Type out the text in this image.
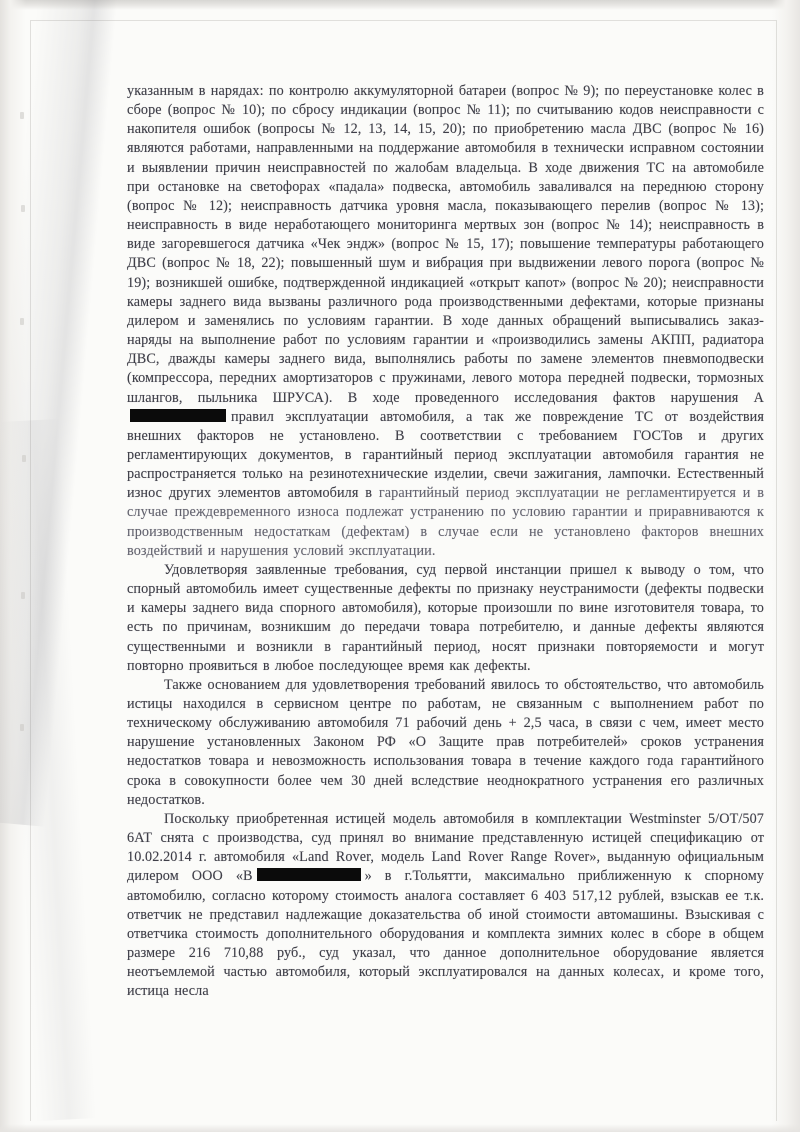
указанным в нарядах: по контролю аккумуляторной батареи (вопрос № 9); по переустановке колес в сборе (вопрос № 10); по сбросу индикации (вопрос № 11); по считыванию кодов неисправности с накопителя ошибок (вопросы № 12, 13, 14, 15, 20); по приобретению масла ДВС (вопрос № 16) являются работами, направленными на поддержание автомобиля в технически исправном состоянии и выявлении причин неисправностей по жалобам владельца. В ходе движения ТС на автомобиле при остановке на светофорах «падала» подвеска, автомобиль заваливался на переднюю сторону (вопрос № 12); неисправность датчика уровня масла, показывающего перелив (вопрос № 13); неисправность в виде неработающего мониторинга мертвых зон (вопрос № 14); неисправность в виде загоревшегося датчика «Чек эндж» (вопрос № 15, 17); повышение температуры работающего ДВС (вопрос № 18, 22); повышенный шум и вибрация при выдвижении левого порога (вопрос № 19); возникшей ошибке, подтвержденной индикацией «открыт капот» (вопрос № 20); неисправности камеры заднего вида вызваны различного рода производственными дефектами, которые признаны дилером и заменялись по условиям гарантии. В ходе данных обращений выписывались заказ-наряды на выполнение работ по условиям гарантии и «производились замены АКПП, радиатора ДВС, дважды камеры заднего вида, выполнялись работы по замене элементов пневмоподвески (компрессора, передних амортизаторов с пружинами, левого мотора передней подвески, тормозных шлангов, пыльника ШРУСА). В ходе проведенного исследования фактов нарушения Аправил эксплуатации автомобиля, а так же повреждение ТС от воздействия внешних факторов не установлено. В соответствии с требованием ГОСТов и других регламентирующих документов, в гарантийный период эксплуатации автомобиля гарантия не распространяется только на резинотехнические изделии, свечи зажигания, лампочки. Естественный износ других элементов автомобиля в гарантийный период эксплуатации не регламентируется и в случае преждевременного износа подлежат устранению по условию гарантии и приравниваются к производственным недостаткам (дефектам) в случае если не установлено факторов внешних воздействий и нарушения условий эксплуатации.

Удовлетворяя заявленные требования, суд первой инстанции пришел к выводу о том, что спорный автомобиль имеет существенные дефекты по признаку неустранимости (дефекты подвески и камеры заднего вида спорного автомобиля), которые произошли по вине изготовителя товара, то есть по причинам, возникшим до передачи товара потребителю, и данные дефекты являются существенными и возникли в гарантийный период, носят признаки повторяемости и могут повторно проявиться в любое последующее время как дефекты.

Также основанием для удовлетворения требований явилось то обстоятельство, что автомобиль истицы находился в сервисном центре по работам, не связанным с выполнением работ по техническому обслуживанию автомобиля 71 рабочий день + 2,5 часа, в связи с чем, имеет место нарушение установленных Законом РФ «О Защите прав потребителей» сроков устранения недостатков товара и невозможность использования товара в течение каждого года гарантийного срока в совокупности более чем 30 дней вследствие неоднократного устранения его различных недостатков.

Поскольку приобретенная истицей модель автомобиля в комплектации Westminster 5/ОТ/507 6АТ снята с производства, суд принял во внимание представленную истицей спецификацию от 10.02.2014 г. автомобиля «Land Rover, модель Land Rover Range Rover», выданную официальным дилером ООО «В	» в г.Тольятти, максимально приближенную к спорному автомобилю, согласно которому стоимость аналога составляет 6 403 517,12 рублей, взыскав ее т.к. ответчик не представил надлежащие доказательства об иной стоимости автомашины. Взыскивая с ответчика стоимость дополнительного оборудования и комплекта зимних колес в сборе в общем размере 216 710,88 руб., суд указал, что данное дополнительное оборудование является неотъемлемой частью автомобиля, который эксплуатировался на данных колесах, и кроме того, истица несла
